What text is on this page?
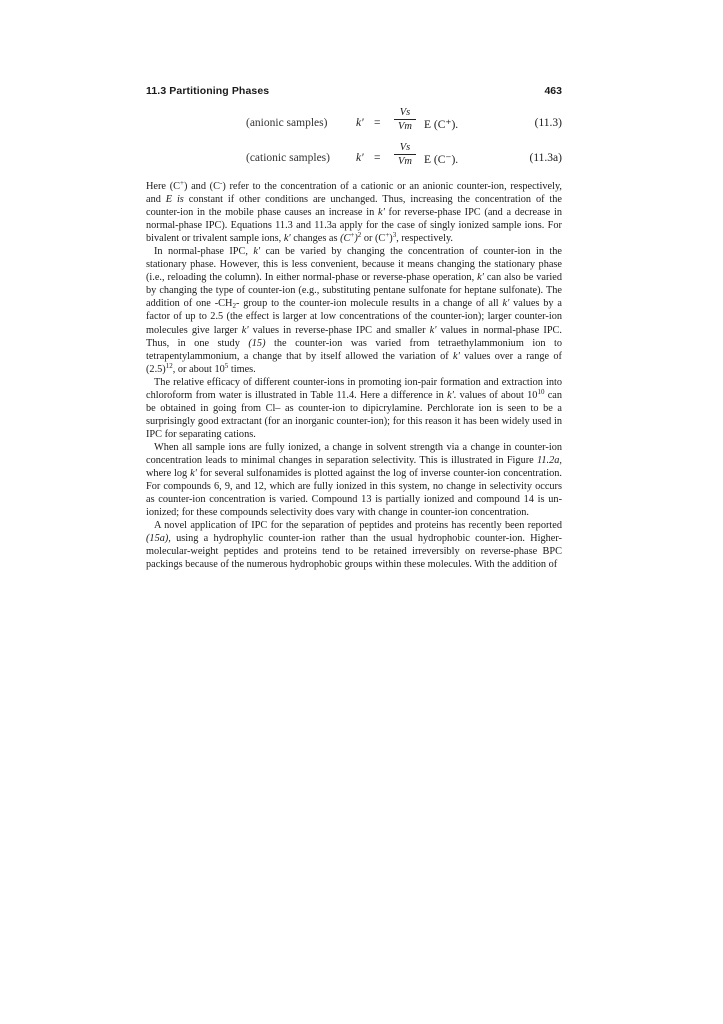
11.3 Partitioning Phases	463
(anionic samples) $k' = \frac{Vs}{Vm}$ E (C⁺).	(11.3)
(cationic samples) $k' = \frac{Vs}{Vm}$ E (C⁻).	(11.3a)

Here (C+) and (C-) refer to the concentration of a cationic or an anionic counter-ion, respectively, and E is constant if other conditions are unchanged. Thus, increasing the concentration of the counter-ion in the mobile phase causes an increase in k' for reverse-phase IPC (and a decrease in normal-phase IPC). Equations 11.3 and 11.3a apply for the case of singly ionized sample ions. For bivalent or trivalent sample ions, k' changes as $(C^+)^2$ or $(C^+)^3$, respectively.

In normal-phase IPC, k' can be varied by changing the concentration of counter-ion in the stationary phase. However, this is less convenient, because it means changing the stationary phase (i.e., reloading the column). In either normal-phase or reverse-phase operation, k' can also be varied by changing the type of counter-ion (e.g., substituting pentane sulfonate for heptane sulfonate). The addition of one $-CH_2-$ group to the counter-ion molecule results in a change of all k' values by a factor of up to 2.5 (the effect is larger at low concentrations of the counter-ion); larger counter-ion molecules give larger k' values in reverse-phase IPC and smaller k' values in normal-phase IPC. Thus, in one study (15) the counter-ion was varied from tetraethylammonium ion to tetrapentylammonium, a change that by itself allowed the variation of k' values over a range of $(2.5)^{12}$, or about $10^5$ times.

The relative efficacy of different counter-ions in promoting ion-pair formation and extraction into chloroform from water is illustrated in Table 11.4. Here a difference in k'. values of about $10^{10}$ can be obtained in going from Cl– as counter-ion to dipicrylamine. Perchlorate ion is seen to be a surprisingly good extractant (for an inorganic counter-ion); for this reason it has been widely used in IPC for separating cations.

When all sample ions are fully ionized, a change in solvent strength via a change in counter-ion concentration leads to minimal changes in separation selectivity. This is illustrated in Figure 11.2a, where log k' for several sulfonamides is plotted against the log of inverse counter-ion concentration. For compounds 6, 9, and 12, which are fully ionized in this system, no change in selectivity occurs as counter-ion concentration is varied. Compound 13 is partially ionized and compound 14 is un-ionized; for these compounds selectivity does vary with change in counter-ion concentration.

A novel application of IPC for the separation of peptides and proteins has recently been reported (15a), using a hydrophylic counter-ion rather than the usual hydrophobic counter-ion. Higher-molecular-weight peptides and proteins tend to be retained irreversibly on reverse-phase BPC packings because of the numerous hydrophobic groups within these molecules. With the addition of
